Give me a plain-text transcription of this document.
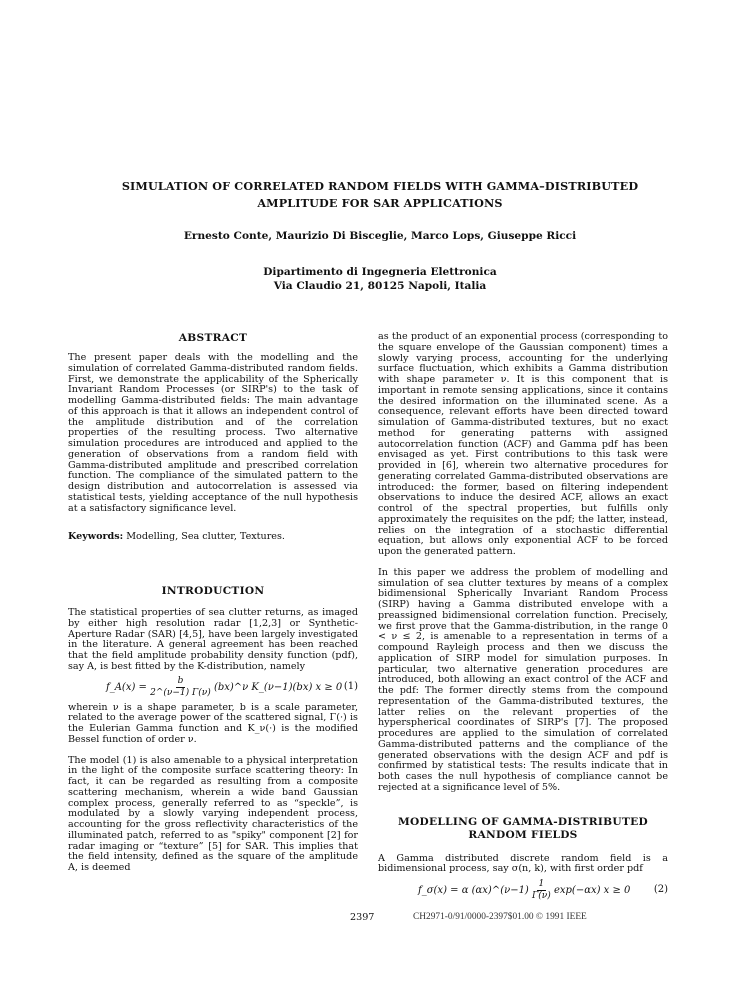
SIMULATION OF CORRELATED RANDOM FIELDS WITH GAMMA–DISTRIBUTED
AMPLITUDE FOR SAR APPLICATIONS
Ernesto Conte, Maurizio Di Bisceglie, Marco Lops, Giuseppe Ricci
Dipartimento di Ingegneria Elettronica
Via Claudio 21, 80125 Napoli, Italia
ABSTRACT

The present paper deals with the modelling and the simulation of correlated Gamma-distributed random fields. First, we demonstrate the applicability of the Spherically Invariant Random Processes (or SIRP's) to the task of modelling Gamma-distributed fields: The main advantage of this approach is that it allows an independent control of the amplitude distribution and of the correlation properties of the resulting process. Two alternative simulation procedures are introduced and applied to the generation of observations from a random field with Gamma-distributed amplitude and prescribed correlation function. The compliance of the simulated pattern to the design distribution and autocorrelation is assessed via statistical tests, yielding acceptance of the null hypothesis at a satisfactory significance level.

Keywords: Modelling, Sea clutter, Textures.

INTRODUCTION

The statistical properties of sea clutter returns, as imaged by either high resolution radar [1,2,3] or Synthetic-Aperture Radar (SAR) [4,5], have been largely investigated in the literature. A general agreement has been reached that the field amplitude probability density function (pdf), say A, is best fitted by the K-distribution, namely

f_A(x) = $\frac{b}{2\^{}(\nu-1) \Gamma(\nu)}$ (bx)^ν K_(ν−1)(bx) x ≥ 0 (1)

wherein ν is a shape parameter, b is a scale parameter, related to the average power of the scattered signal, Γ(·) is the Eulerian Gamma function and K_ν(·) is the modified Bessel function of order ν.

The model (1) is also amenable to a physical interpretation in the light of the composite surface scattering theory: In fact, it can be regarded as resulting from a composite scattering mechanism, wherein a wide band Gaussian complex process, generally referred to as “speckle”, is modulated by a slowly varying independent process, accounting for the gross reflectivity characteristics of the illuminated patch, referred to as "spiky" component [2] for radar imaging or “texture” [5] for SAR. This implies that the field intensity, defined as the square of the amplitude A, is deemed

as the product of an exponential process (corresponding to the square envelope of the Gaussian component) times a slowly varying process, accounting for the underlying surface fluctuation, which exhibits a Gamma distribution with shape parameter ν. It is this component that is important in remote sensing applications, since it contains the desired information on the illuminated scene. As a consequence, relevant efforts have been directed toward simulation of Gamma-distributed textures, but no exact method for generating patterns with assigned autocorrelation function (ACF) and Gamma pdf has been envisaged as yet. First contributions to this task were provided in [6], wherein two alternative procedures for generating correlated Gamma-distributed observations are introduced: the former, based on filtering independent observations to induce the desired ACF, allows an exact control of the spectral properties, but fulfills only approximately the requisites on the pdf; the latter, instead, relies on the integration of a stochastic differential equation, but allows only exponential ACF to be forced upon the generated pattern.

In this paper we address the problem of modelling and simulation of sea clutter textures by means of a complex bidimensional Spherically Invariant Random Process (SIRP) having a Gamma distributed envelope with a preassigned bidimensional correlation function. Precisely, we first prove that the Gamma-distribution, in the range 0 < ν ≤ 2, is amenable to a representation in terms of a compound Rayleigh process and then we discuss the application of SIRP model for simulation purposes. In particular, two alternative generation procedures are introduced, both allowing an exact control of the ACF and the pdf: The former directly stems from the compound representation of the Gamma-distributed textures, the latter relies on the relevant properties of the hyperspherical coordinates of SIRP's [7]. The proposed procedures are applied to the simulation of correlated Gamma-distributed patterns and the compliance of the generated observations with the design ACF and pdf is confirmed by statistical tests: The results indicate that in both cases the null hypothesis of compliance cannot be rejected at a significance level of 5%.

MODELLING OF GAMMA-DISTRIBUTED
RANDOM FIELDS

A Gamma distributed discrete random field is a bidimensional process, say σ(n, k), with first order pdf

f_σ(x) = α (αx)^(ν−1) $\frac{1}{\Gamma(\nu)} \exp(-\alpha x) x \ge 0$ (2)
2397	CH2971-0/91/0000-2397$01.00 © 1991 IEEE
